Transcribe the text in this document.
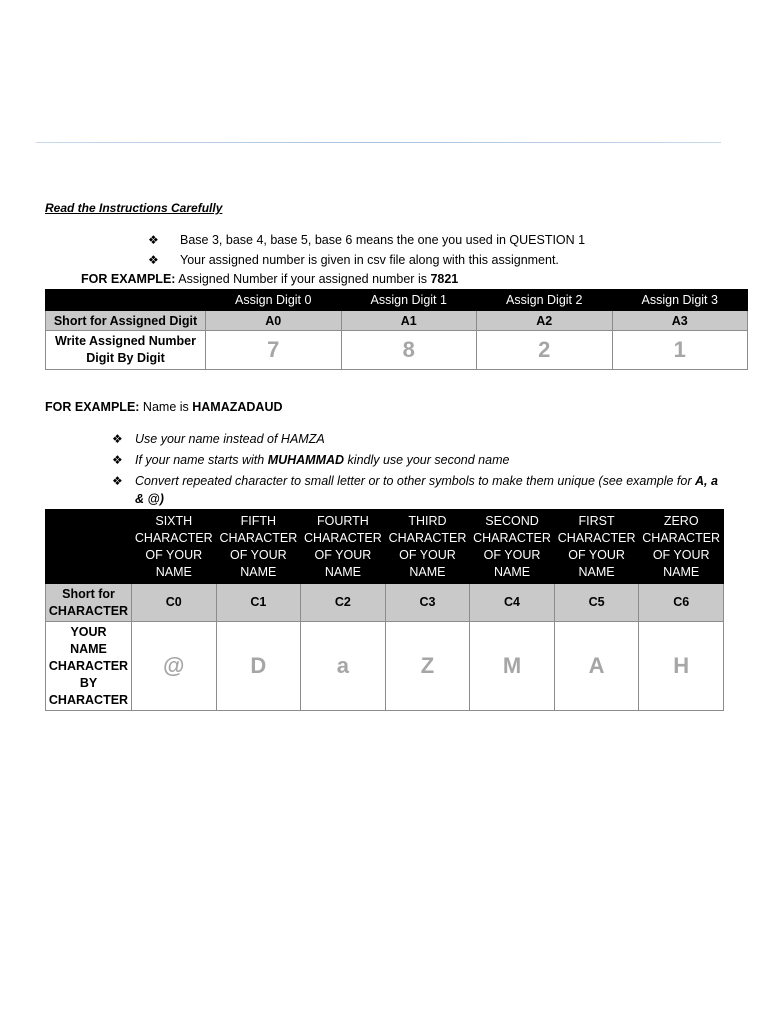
Read the Instructions Carefully
❖ Base 3, base 4, base 5, base 6 means the one you used in QUESTION 1
❖ Your assigned number is given in csv file along with this assignment.
FOR EXAMPLE: Assigned Number if your assigned number is 7821
	Assign Digit 0	Assign Digit 1	Assign Digit 2	Assign Digit 3
Short for Assigned Digit	A0	A1	A2	A3
Write Assigned Number
Digit By Digit	7	8	2	1
FOR EXAMPLE: Name is HAMAZADAUD
❖ Use your name instead of HAMZA
❖ If your name starts with MUHAMMAD kindly use your second name
❖ Convert repeated character to small letter or to other symbols to make them unique (see example for A, a & @)
	SIXTH
CHARACTER
OF YOUR
NAME	FIFTH
CHARACTER
OF YOUR
NAME	FOURTH
CHARACTER
OF YOUR
NAME	THIRD
CHARACTER
OF YOUR
NAME	SECOND
CHARACTER
OF YOUR
NAME	FIRST
CHARACTER
OF YOUR
NAME	ZERO
CHARACTER
OF YOUR
NAME
Short for
CHARACTER	C0	C1	C2	C3	C4	C5	C6
YOUR
NAME
CHARACTER
BY
CHARACTER	@	D	a	Z	M	A	H
